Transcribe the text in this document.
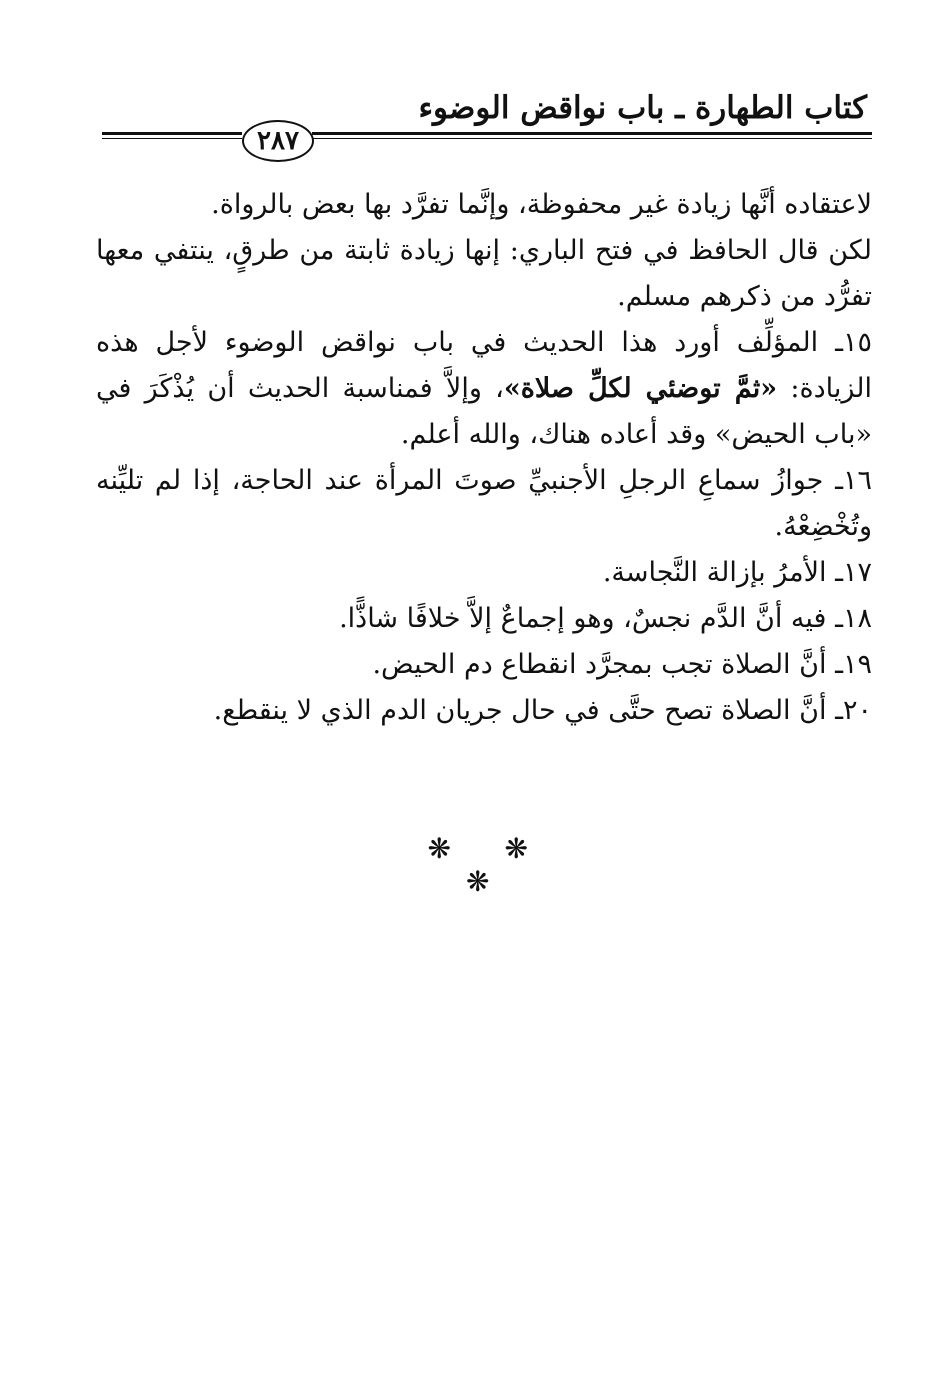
كتاب الطهارة ـ باب نواقض الوضوء
٢٨٧

لاعتقاده أنَّها زيادة غير محفوظة، وإنَّما تفرَّد بها بعض بالرواة.

لكن قال الحافظ في فتح الباري: إنها زيادة ثابتة من طرقٍ، ينتفي معها تفرُّد من ذكرهم مسلم.

١٥ـ المؤلِّف أورد هذا الحديث في باب نواقض الوضوء لأجل هذه الزيادة: «ثمَّ توضئي لكلِّ صلاة»، وإلاَّ فمناسبة الحديث أن يُذْكَرَ في «باب الحيض» وقد أعاده هناك، والله أعلم.

١٦ـ جوازُ سماعِ الرجلِ الأجنبيِّ صوتَ المرأة عند الحاجة، إذا لم تليِّنه وتُخْضِعْهُ.

١٧ـ الأمرُ بإزالة النَّجاسة.

١٨ـ فيه أنَّ الدَّم نجسٌ، وهو إجماعٌ إلاَّ خلافًا شاذًّا.

١٩ـ أنَّ الصلاة تجب بمجرَّد انقطاع دم الحيض.

٢٠ـ أنَّ الصلاة تصح حتَّى في حال جريان الدم الذي لا ينقطع.

❋ ❋ ❋
